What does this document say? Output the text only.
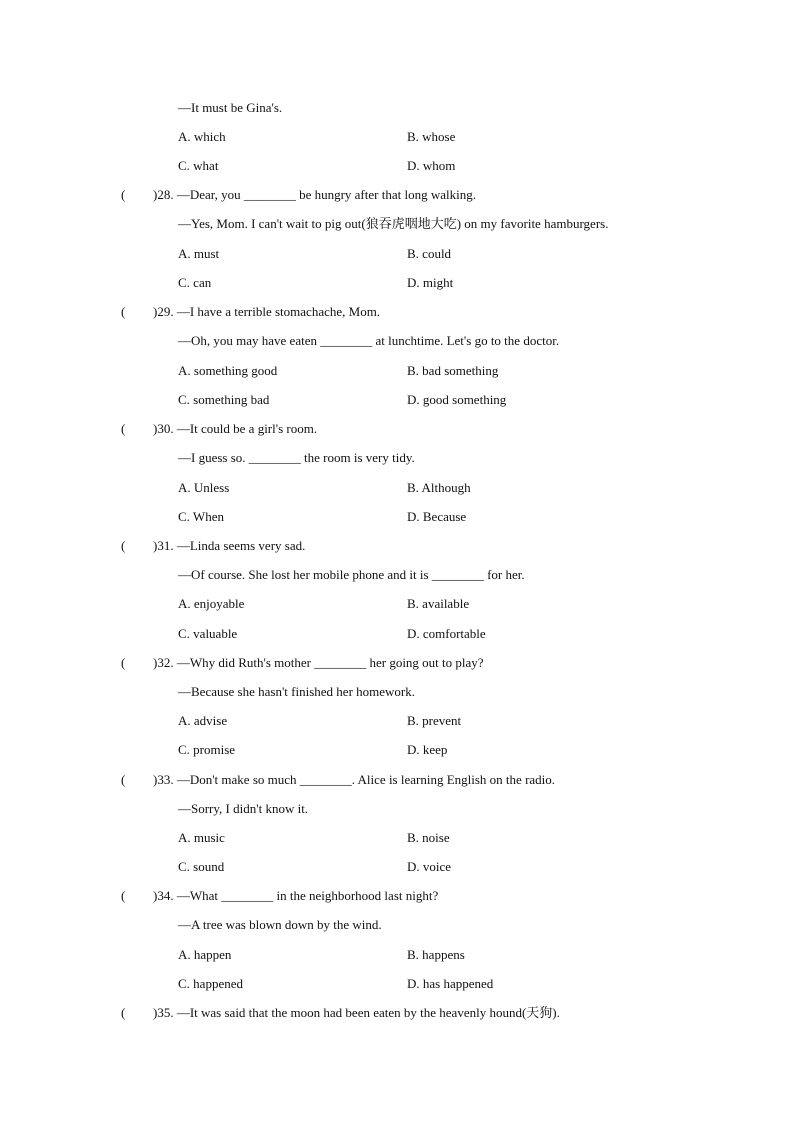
—It must be Gina's.
A. which	B. whose
C. what	D. whom
( )28. —Dear, you ________ be hungry after that long walking.
—Yes, Mom. I can't wait to pig out(狼吞虎咽地大吃) on my favorite hamburgers.
A. must	B. could
C. can	D. might
( )29. —I have a terrible stomachache, Mom.
—Oh, you may have eaten ________ at lunchtime. Let's go to the doctor.
A. something good	B. bad something
C. something bad	D. good something
( )30. —It could be a girl's room.
—I guess so. ________ the room is very tidy.
A. Unless	B. Although
C. When	D. Because
( )31. —Linda seems very sad.
—Of course. She lost her mobile phone and it is ________ for her.
A. enjoyable	B. available
C. valuable	D. comfortable
( )32. —Why did Ruth's mother ________ her going out to play?
—Because she hasn't finished her homework.
A. advise	B. prevent
C. promise	D. keep
( )33. —Don't make so much ________. Alice is learning English on the radio.
—Sorry, I didn't know it.
A. music	B. noise
C. sound	D. voice
( )34. —What ________ in the neighborhood last night?
—A tree was blown down by the wind.
A. happen	B. happens
C. happened	D. has happened
( )35. —It was said that the moon had been eaten by the heavenly hound(天狗).
